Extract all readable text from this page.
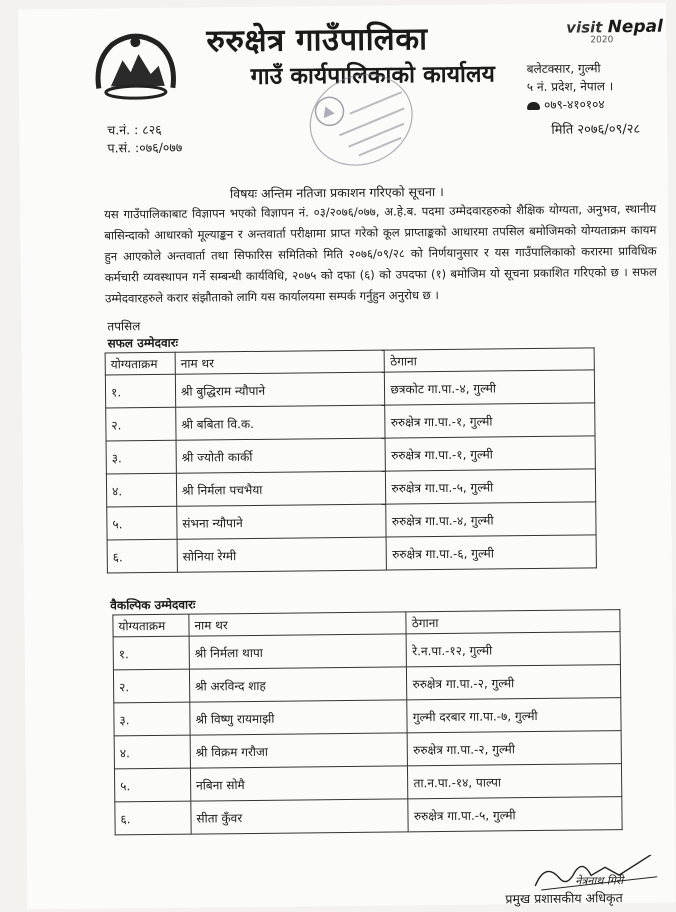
रुरुक्षेत्र गाउँपालिका
गाउँ कार्यपालिकाको कार्यालय
visit Nepal
2020
बलेटक्सार, गुल्मी
५ नं. प्रदेश, नेपाल ।
०७९-४१०१०४
मिति २०७६/०९/२८
च.नं. : ८२६
प.सं. :०७६/०७७
विषयः अन्तिम नतिजा प्रकाशन गरिएको सूचना ।
यस गाउँपालिकाबाट विज्ञापन भएको विज्ञापन नं. ०३/२०७६/०७७, अ.हे.ब. पदमा उम्मेदवारहरुको शैक्षिक योग्यता, अनुभव, स्थानीय बासिन्दाको आधारको मूल्याङ्कन र अन्तवार्ता परीक्षामा प्राप्त गरेको कूल प्राप्ताङ्कको आधारमा तपसिल बमोजिमको योग्यताक्रम कायम हुन आएकोले अन्तवार्ता तथा सिफारिस समितिको मिति २०७६/०९/२८ को निर्णयानुसार र यस गाउँपालिकाको करारमा प्राविधिक कर्मचारी व्यवस्थापन गर्ने सम्बन्धी कार्यविधि, २०७५ को दफा (६) को उपदफा (१) बमोजिम यो सूचना प्रकाशित गरिएको छ । सफल उम्मेदवारहरुले करार संझौताको लागि यस कार्यालयमा सम्पर्क गर्नुहुन अनुरोध छ ।
तपसिल
सफल उम्मेदवारः
योग्यताक्रम	नाम थर	ठेगाना
१.	श्री बुद्धिराम न्यौपाने	छत्रकोट गा.पा.-४, गुल्मी
२.	श्री बबिता वि.क.	रुरुक्षेत्र गा.पा.-१, गुल्मी
३.	श्री ज्योती कार्की	रुरुक्षेत्र गा.पा.-१, गुल्मी
४.	श्री निर्मला पचभैया	रुरुक्षेत्र गा.पा.-५, गुल्मी
५.	संभना न्यौपाने	रुरुक्षेत्र गा.पा.-४, गुल्मी
६.	सोनिया रेग्मी	रुरुक्षेत्र गा.पा.-६, गुल्मी
वैकल्पिक उम्मेदवारः
योग्यताक्रम	नाम थर	ठेगाना
१.	श्री निर्मला थापा	रे.न.पा.-१२, गुल्मी
२.	श्री अरविन्द शाह	रुरुक्षेत्र गा.पा.-२, गुल्मी
३.	श्री विष्णु रायमाझी	गुल्मी दरबार गा.पा.-७, गुल्मी
४.	श्री विक्रम गरौजा	रुरुक्षेत्र गा.पा.-२, गुल्मी
५.	नबिना सोमै	ता.न.पा.-१४, पाल्पा
६.	सीता कुँवर	रुरुक्षेत्र गा.पा.-५, गुल्मी
नेत्रनाथ गिरी
प्रमुख प्रशासकीय अधिकृत
